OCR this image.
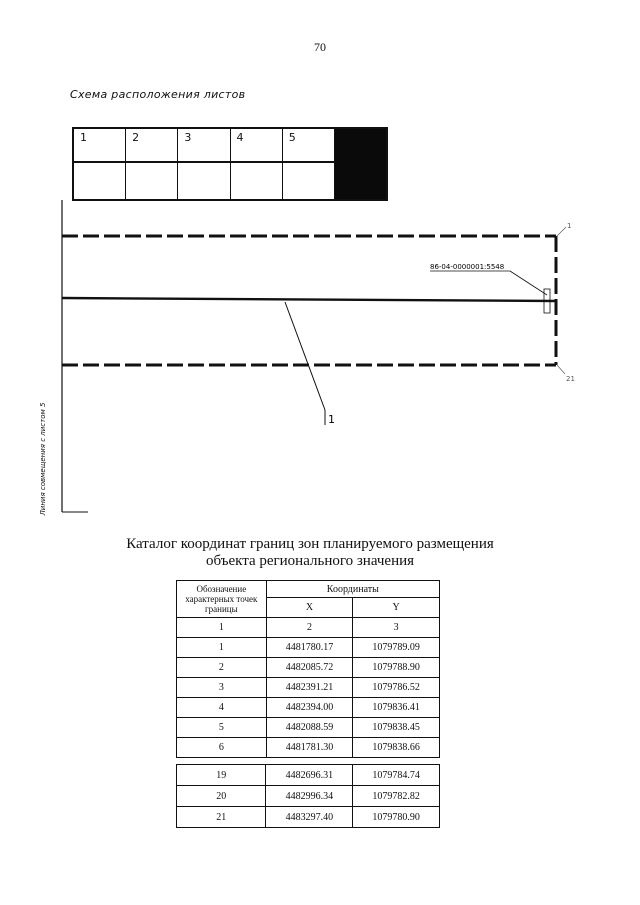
70
Схема расположения листов
1	2	3	4	5
86-04-0000001:5548
1
1
21
Линия совмещения с листом 5
Каталог координат границ зон планируемого размещения
объекта регионального значения
Обозначение характерных точек границы	Координаты	
	X	Y
1	2	3
1	4481780.17	1079789.09
2	4482085.72	1079788.90
3	4482391.21	1079786.52
4	4482394.00	1079836.41
5	4482088.59	1079838.45
6	4481781.30	1079838.66
19	4482696.31	1079784.74
20	4482996.34	1079782.82
21	4483297.40	1079780.90
